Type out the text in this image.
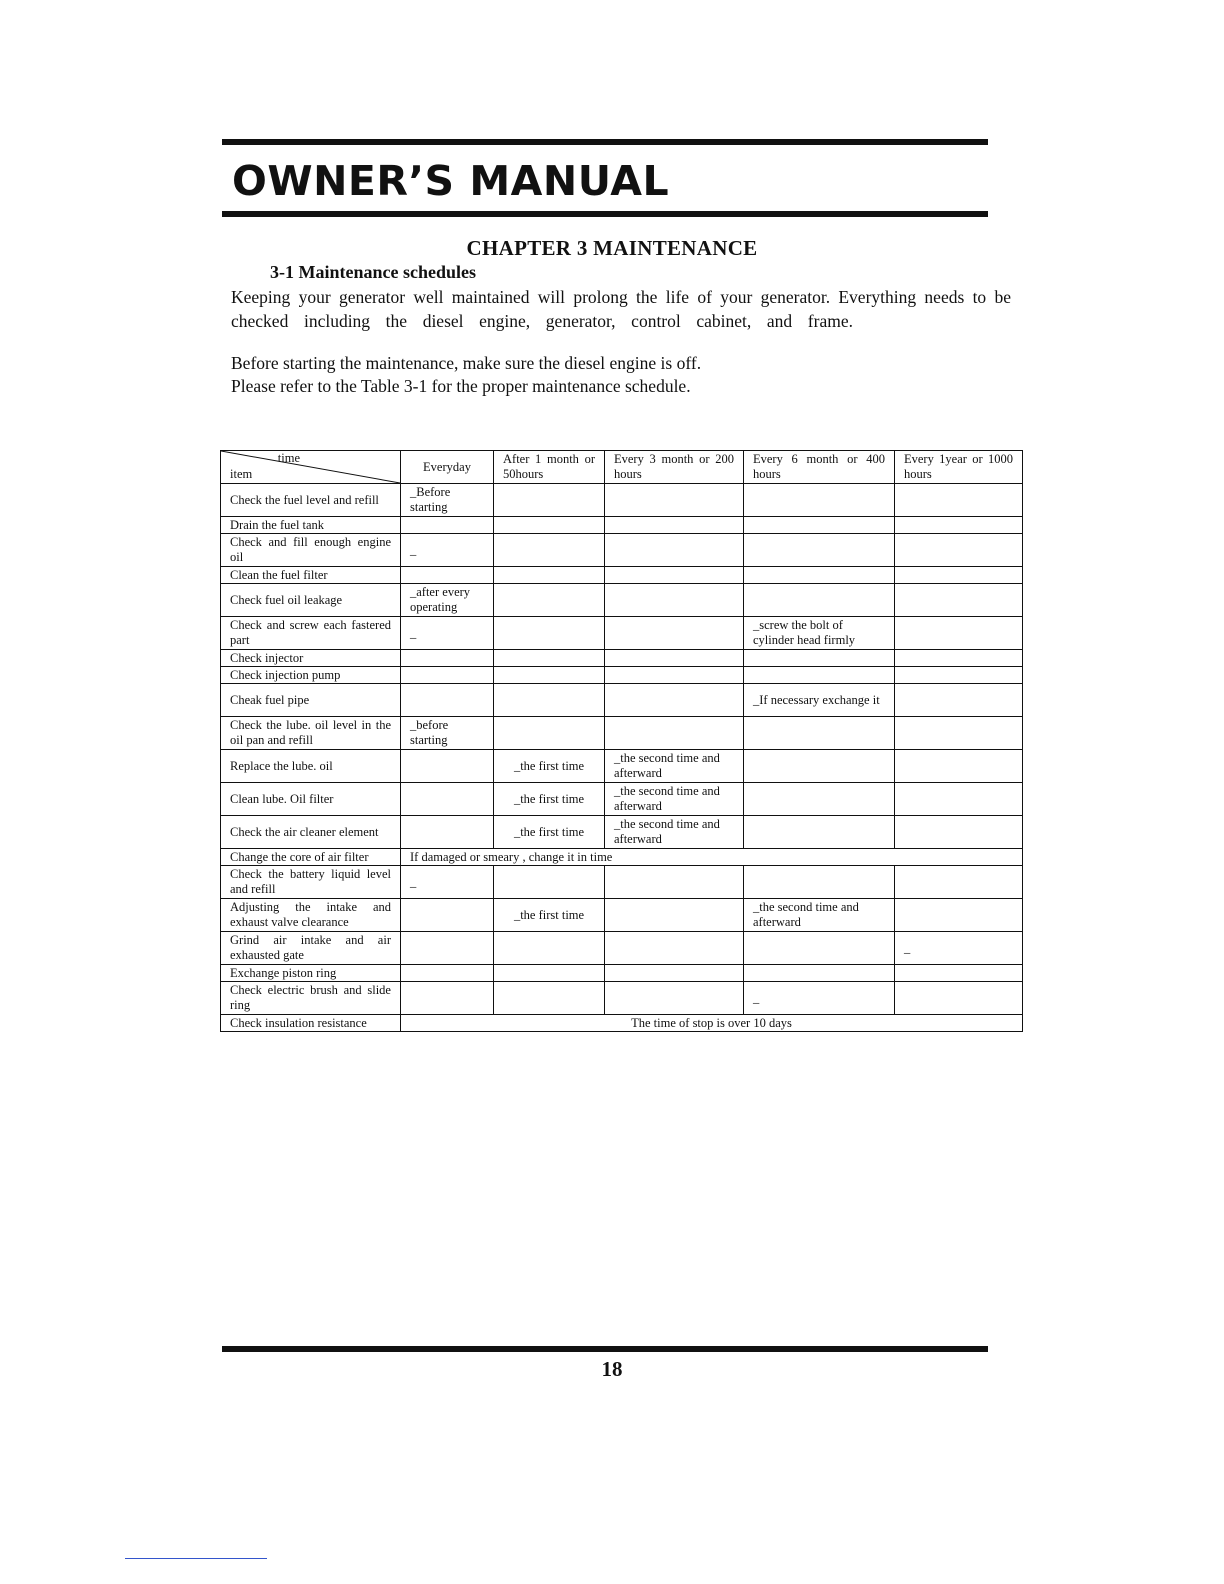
OWNER’S MANUAL
CHAPTER 3 MAINTENANCE
3-1 Maintenance schedules
Keeping your generator well maintained will prolong the life of your generator. Everything needs to be
checked including the diesel engine, generator, control cabinet, and frame.

Before starting the maintenance, make sure the diesel engine is off.

Please refer to the Table 3-1 for the proper maintenance schedule.

time
item	Everyday	After 1 month or 50hours	Every 3 month or 200 hours	Every 6 month or 400 hours	Every 1year or 1000 hours
Check the fuel level and refill	_Before starting				
Drain the fuel tank					
Check and fill enough engine oil	_				
Clean the fuel filter					
Check fuel oil leakage	_after every operating				
Check and screw each fastered part	_			_screw the bolt of cylinder head firmly	
Check injector					
Check injection pump					
Cheak fuel pipe				_If necessary exchange it	
Check the lube. oil level in the oil pan and refill	_before starting				
Replace the lube. oil		_the first time	_the second time and afterward		
Clean lube. Oil filter		_the first time	_the second time and afterward		
Check the air cleaner element		_the first time	_the second time and afterward		
Change the core of air filter	If damaged or smeary , change it in time				
Check the battery liquid level and refill	_				
Adjusting the intake and exhaust valve clearance		_the first time		_the second time and afterward	
Grind air intake and air exhausted gate					_
Exchange piston ring					
Check electric brush and slide ring				_	
Check insulation resistance	The time of stop is over 10 days				
18
